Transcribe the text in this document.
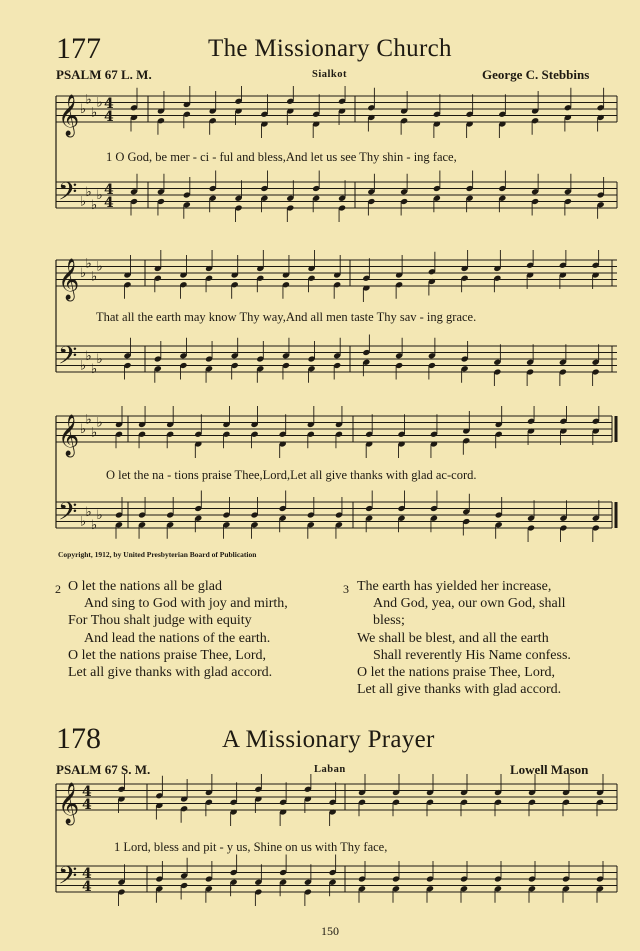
177	The Missionary Church
PSALM 67 L. M.	Sialkot	George C. Stebbins
𝄞
𝄢
♭
♭
♭
♭
♭
♭
♭
♭
4
4
4
4
1 O God, be mer - ci - ful and bless,And let us see Thy shin - ing face,
𝄞
𝄢
♭
♭
♭
♭
♭
♭
♭
♭
That all the earth may know Thy way,And all men taste Thy sav - ing grace.
𝄞
𝄢
♭
♭
♭
♭
♭
♭
♭
♭
O let the na - tions praise Thee,Lord,Let all give thanks with glad ac-cord.
Copyright, 1912, by United Presbyterian Board of Publication
2 O let the nations all be glad
And sing to God with joy and mirth,
For Thou shalt judge with equity
And lead the nations of the earth.
O let the nations praise Thee, Lord,
Let all give thanks with glad accord.
3 The earth has yielded her increase,
And God, yea, our own God, shall
bless;
We shall be blest, and all the earth
Shall reverently His Name confess.
O let the nations praise Thee, Lord,
Let all give thanks with glad accord.
178	A Missionary Prayer
PSALM 67 S. M.	Laban	Lowell Mason
𝄞
𝄢
4
4
4
4
1 Lord, bless and pit - y us, Shine on us with Thy face,
150
